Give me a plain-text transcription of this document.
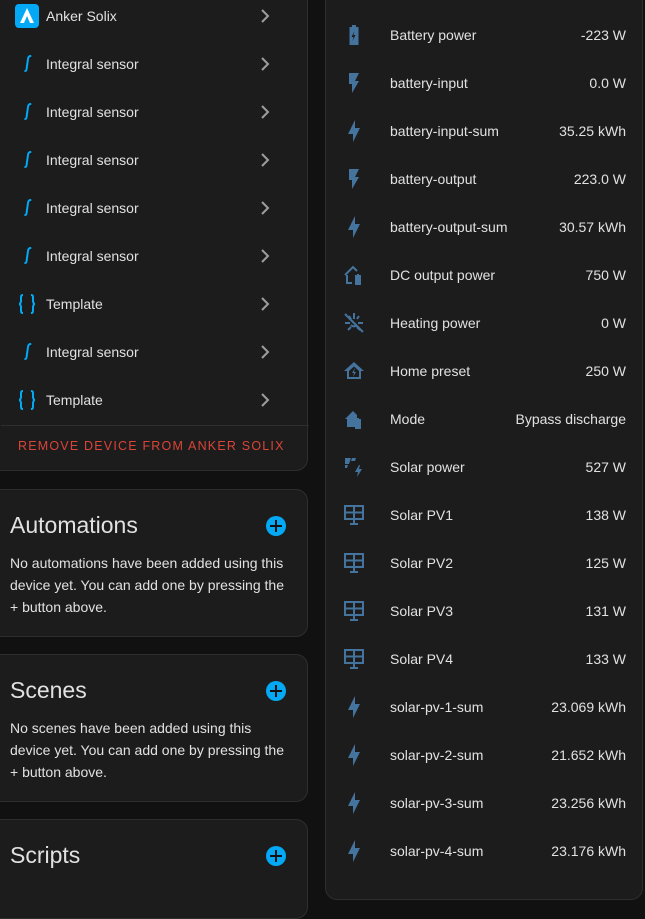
Anker Solix
Integral sensor
Integral sensor
Integral sensor
Integral sensor
Integral sensor
Template
Integral sensor
Template
REMOVE DEVICE FROM ANKER SOLIX
Automations

No automations have been added using this device yet. You can add one by pressing the + button above.

Scenes

No scenes have been added using this device yet. You can add one by pressing the + button above.

Scripts
Battery power	-223 W
battery-input	0.0 W
battery-input-sum	35.25 kWh
battery-output	223.0 W
battery-output-sum	30.57 kWh
DC output power	750 W
Heating power	0 W
Home preset	250 W
Mode	Bypass discharge
Solar power	527 W
Solar PV1	138 W
Solar PV2	125 W
Solar PV3	131 W
Solar PV4	133 W
solar-pv-1-sum	23.069 kWh
solar-pv-2-sum	21.652 kWh
solar-pv-3-sum	23.256 kWh
solar-pv-4-sum	23.176 kWh
